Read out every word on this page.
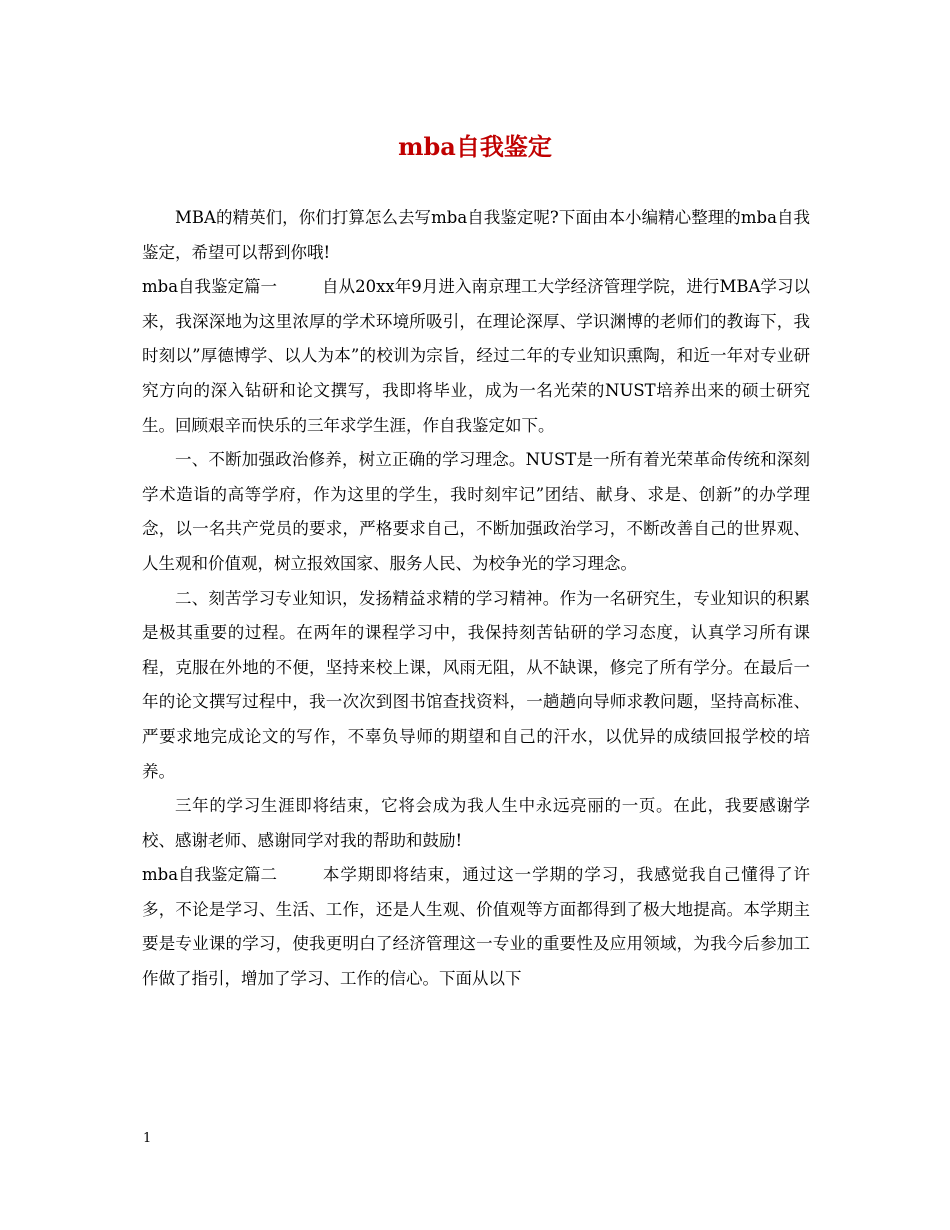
mba自我鉴定

MBA的精英们，你们打算怎么去写mba自我鉴定呢?下面由本小编精心整理的mba自我鉴定，希望可以帮到你哦!

mba自我鉴定篇一	自从20xx年9月进入南京理工大学经济管理学院，进行MBA学习以来，我深深地为这里浓厚的学术环境所吸引，在理论深厚、学识渊博的老师们的教诲下，我时刻以”厚德博学、以人为本”的校训为宗旨，经过二年的专业知识熏陶，和近一年对专业研究方向的深入钻研和论文撰写，我即将毕业，成为一名光荣的NUST培养出来的硕士研究生。回顾艰辛而快乐的三年求学生涯，作自我鉴定如下。

一、不断加强政治修养，树立正确的学习理念。NUST是一所有着光荣革命传统和深刻学术造诣的高等学府，作为这里的学生，我时刻牢记”团结、献身、求是、创新”的办学理念，以一名共产党员的要求，严格要求自己，不断加强政治学习，不断改善自己的世界观、人生观和价值观，树立报效国家、服务人民、为校争光的学习理念。

二、刻苦学习专业知识，发扬精益求精的学习精神。作为一名研究生，专业知识的积累是极其重要的过程。在两年的课程学习中，我保持刻苦钻研的学习态度，认真学习所有课程，克服在外地的不便，坚持来校上课，风雨无阻，从不缺课，修完了所有学分。在最后一年的论文撰写过程中，我一次次到图书馆查找资料，一趟趟向导师求教问题，坚持高标准、严要求地完成论文的写作，不辜负导师的期望和自己的汗水，以优异的成绩回报学校的培养。

三年的学习生涯即将结束，它将会成为我人生中永远亮丽的一页。在此，我要感谢学校、感谢老师、感谢同学对我的帮助和鼓励!

mba自我鉴定篇二	本学期即将结束，通过这一学期的学习，我感觉我自己懂得了许多，不论是学习、生活、工作，还是人生观、价值观等方面都得到了极大地提高。本学期主要是专业课的学习，使我更明白了经济管理这一专业的重要性及应用领域，为我今后参加工作做了指引，增加了学习、工作的信心。下面从以下

1
